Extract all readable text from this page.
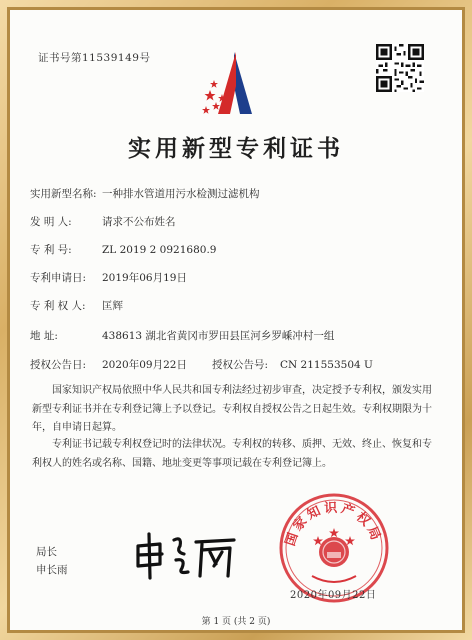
证书号第11539149号
实用新型专利证书
实用新型名称: 一种排水管道用污水检测过滤机构
发 明 人:	请求不公布姓名
专 利 号:	ZL 2019 2 0921680.9
专利申请日: 2019年06月19日
专 利 权 人: 匡辉
地 址:	438613 湖北省黄冈市罗田县匡河乡罗嵊冲村一组
授权公告日: 2020年09月22日 授权公告号: CN 211553504 U
国家知识产权局依照中华人民共和国专利法经过初步审查，决定授予专利权，颁发实用新型专利证书并在专利登记簿上予以登记。专利权自授权公告之日起生效。专利权期限为十年，自申请日起算。
专利证书记载专利权登记时的法律状况。专利权的转移、质押、无效、终止、恢复和专利权人的姓名或名称、国籍、地址变更等事项记载在专利登记簿上。
局长
申长雨
国家知识产权局
2020年09月22日
第 1 页 (共 2 页)
